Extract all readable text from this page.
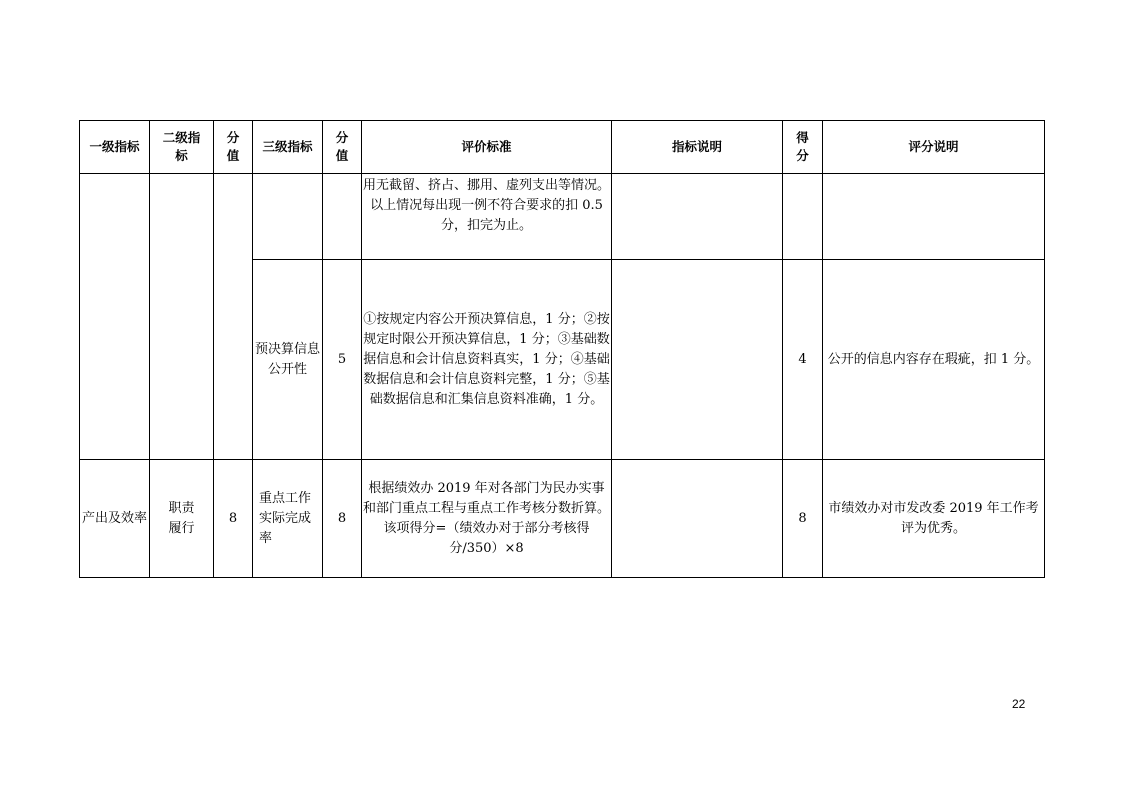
一级指标	二级指标	分值	三级指标	分值	评价标准	指标说明	得分	评分说明
					用无截留、挤占、挪用、虚列支出等情况。以上情况每出现一例不符合要求的扣 0.5 分，扣完为止。			
			预决算信息公开性	5	①按规定内容公开预决算信息，1 分；②按规定时限公开预决算信息，1 分；③基础数据信息和会计信息资料真实，1 分；④基础数据信息和会计信息资料完整，1 分；⑤基础数据信息和汇集信息资料准确，1 分。		4	公开的信息内容存在瑕疵，扣 1 分。
产出及效率	职责履行	8	重点工作实际完成率	8	根据绩效办 2019 年对各部门为民办实事和部门重点工程与重点工作考核分数折算。该项得分=（绩效办对于部分考核得分/350）×8		8	市绩效办对市发改委 2019 年工作考评为优秀。
22
